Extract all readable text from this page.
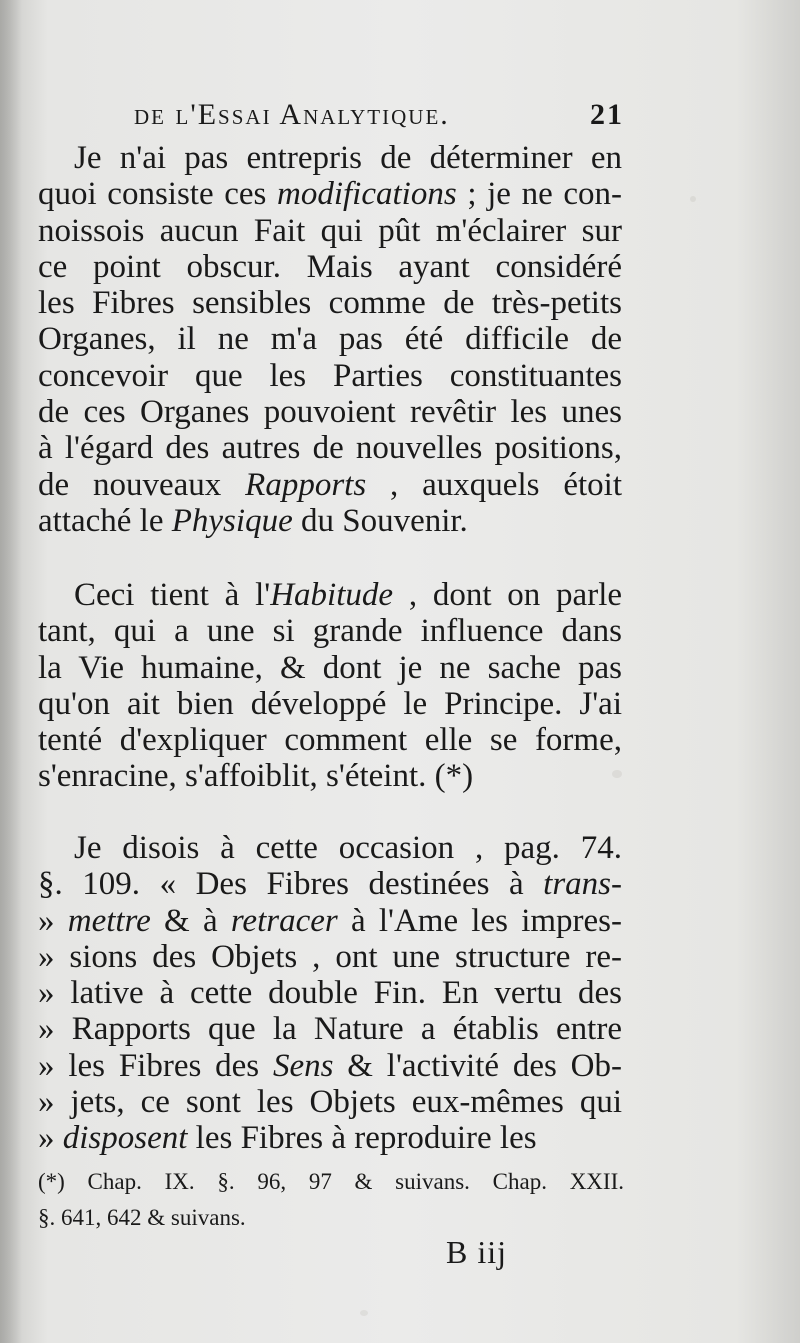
de l'Essai Analytique.	21
Je n'ai pas entrepris de déterminer en
quoi consiste ces modifications ; je ne con-
noissois aucun Fait qui pût m'éclairer sur
ce point obscur. Mais ayant considéré
les Fibres sensibles comme de très-petits
Organes, il ne m'a pas été difficile de
concevoir que les Parties constituantes
de ces Organes pouvoient revêtir les unes
à l'égard des autres de nouvelles positions,
de nouveaux Rapports , auxquels étoit
attaché le Physique du Souvenir.
Ceci tient à l'Habitude , dont on parle
tant, qui a une si grande influence dans
la Vie humaine, & dont je ne sache pas
qu'on ait bien développé le Principe. J'ai
tenté d'expliquer comment elle se forme,
s'enracine, s'affoiblit, s'éteint. (*)
Je disois à cette occasion , pag. 74.
§. 109. « Des Fibres destinées à trans-
» mettre & à retracer à l'Ame les impres-
» sions des Objets , ont une structure re-
» lative à cette double Fin. En vertu des
» Rapports que la Nature a établis entre
» les Fibres des Sens & l'activité des Ob-
» jets, ce sont les Objets eux-mêmes qui
» disposent les Fibres à reproduire les
(*) Chap. IX. §. 96, 97 & suivans. Chap. XXII.
§. 641, 642 & suivans.
B iij
